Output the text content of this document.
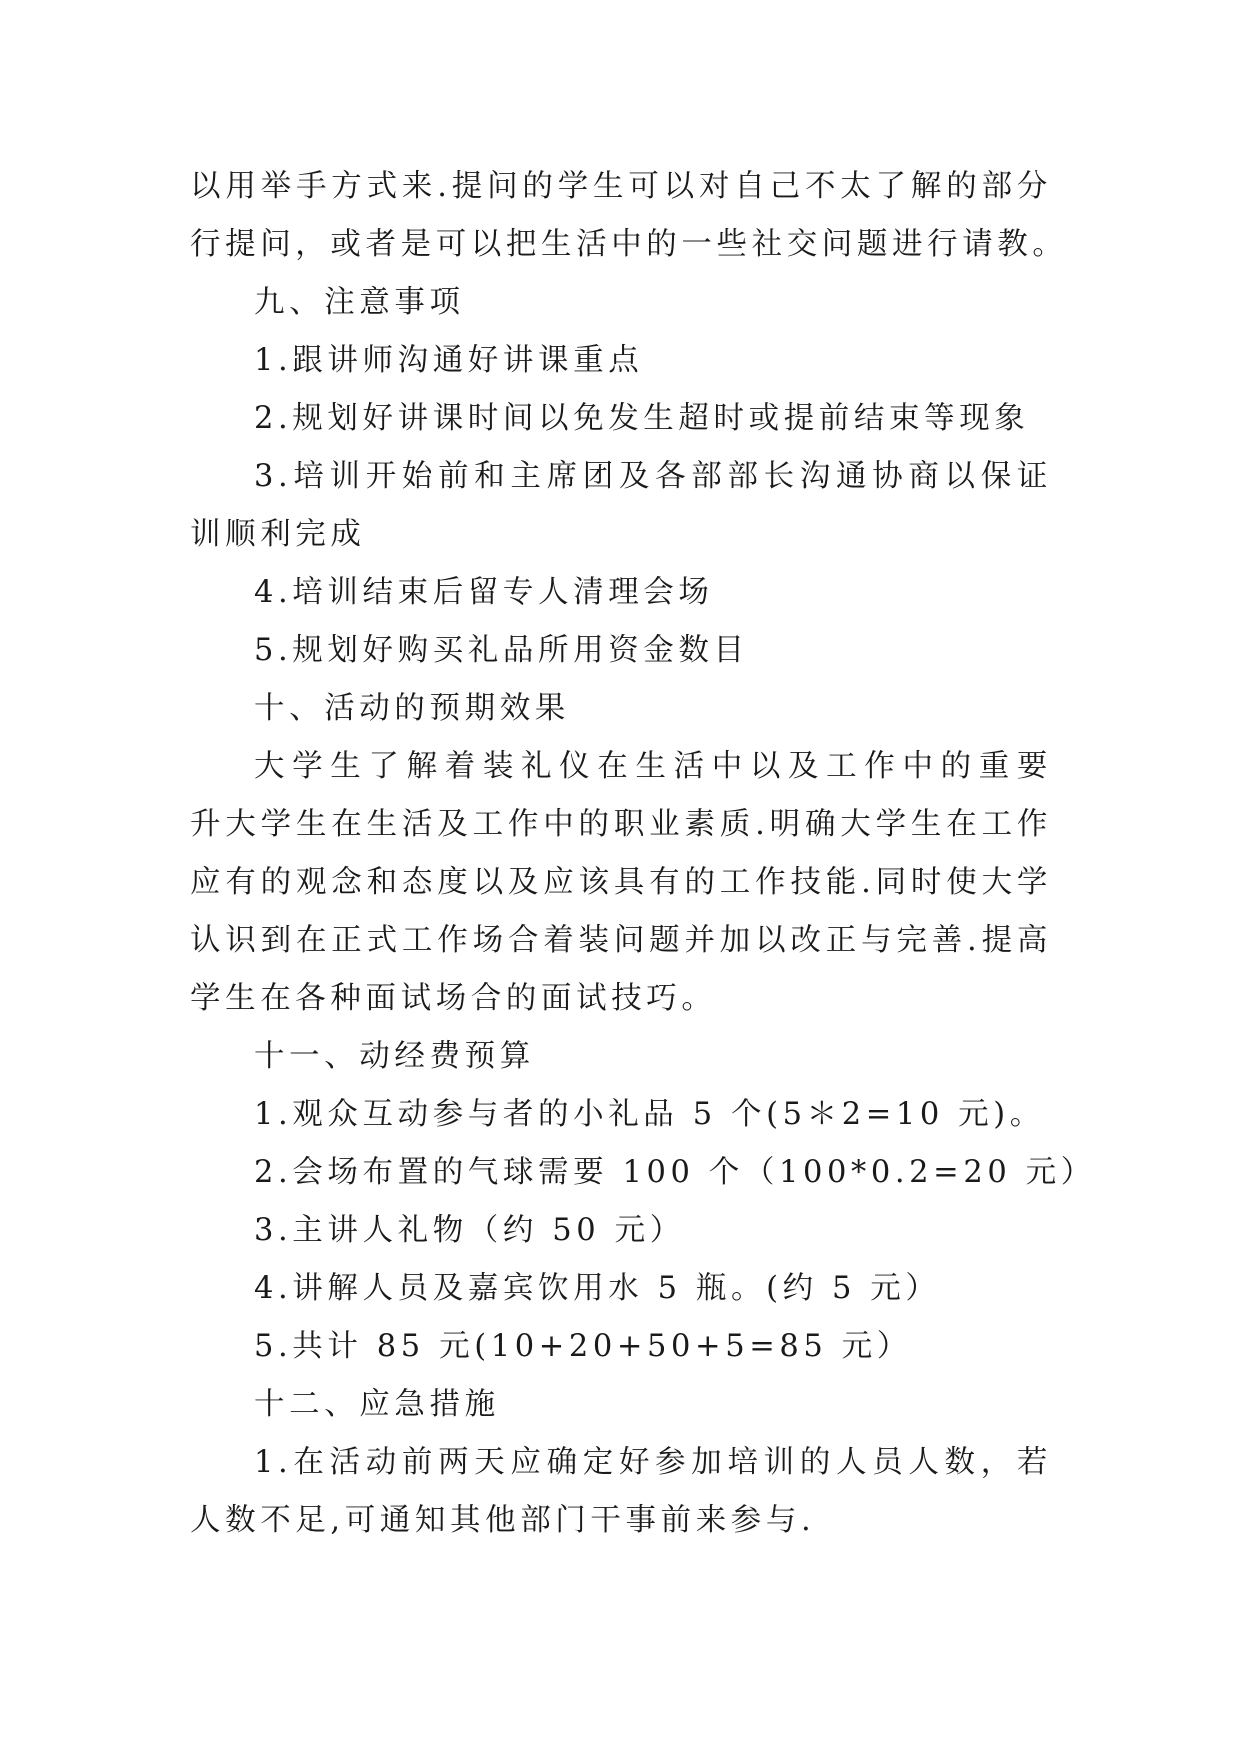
以用举手方式来.提问的学生可以对自己不太了解的部分
行提问，或者是可以把生活中的一些社交问题进行请教。
九、注意事项
1.跟讲师沟通好讲课重点
2.规划好讲课时间以免发生超时或提前结束等现象
3.培训开始前和主席团及各部部长沟通协商以保证
训顺利完成
4.培训结束后留专人清理会场
5.规划好购买礼品所用资金数目
十、活动的预期效果
大学生了解着装礼仪在生活中以及工作中的重要
升大学生在生活及工作中的职业素质.明确大学生在工作
应有的观念和态度以及应该具有的工作技能.同时使大学
认识到在正式工作场合着装问题并加以改正与完善.提高
学生在各种面试场合的面试技巧。
十一、动经费预算
1.观众互动参与者的小礼品 5 个(5＊2=10 元)。
2.会场布置的气球需要 100 个（100*0.2=20 元）
3.主讲人礼物（约 50 元）
4.讲解人员及嘉宾饮用水 5 瓶。(约 5 元）
5.共计 85 元(10+20+50+5=85 元）
十二、应急措施
1.在活动前两天应确定好参加培训的人员人数，若
人数不足,可通知其他部门干事前来参与.
